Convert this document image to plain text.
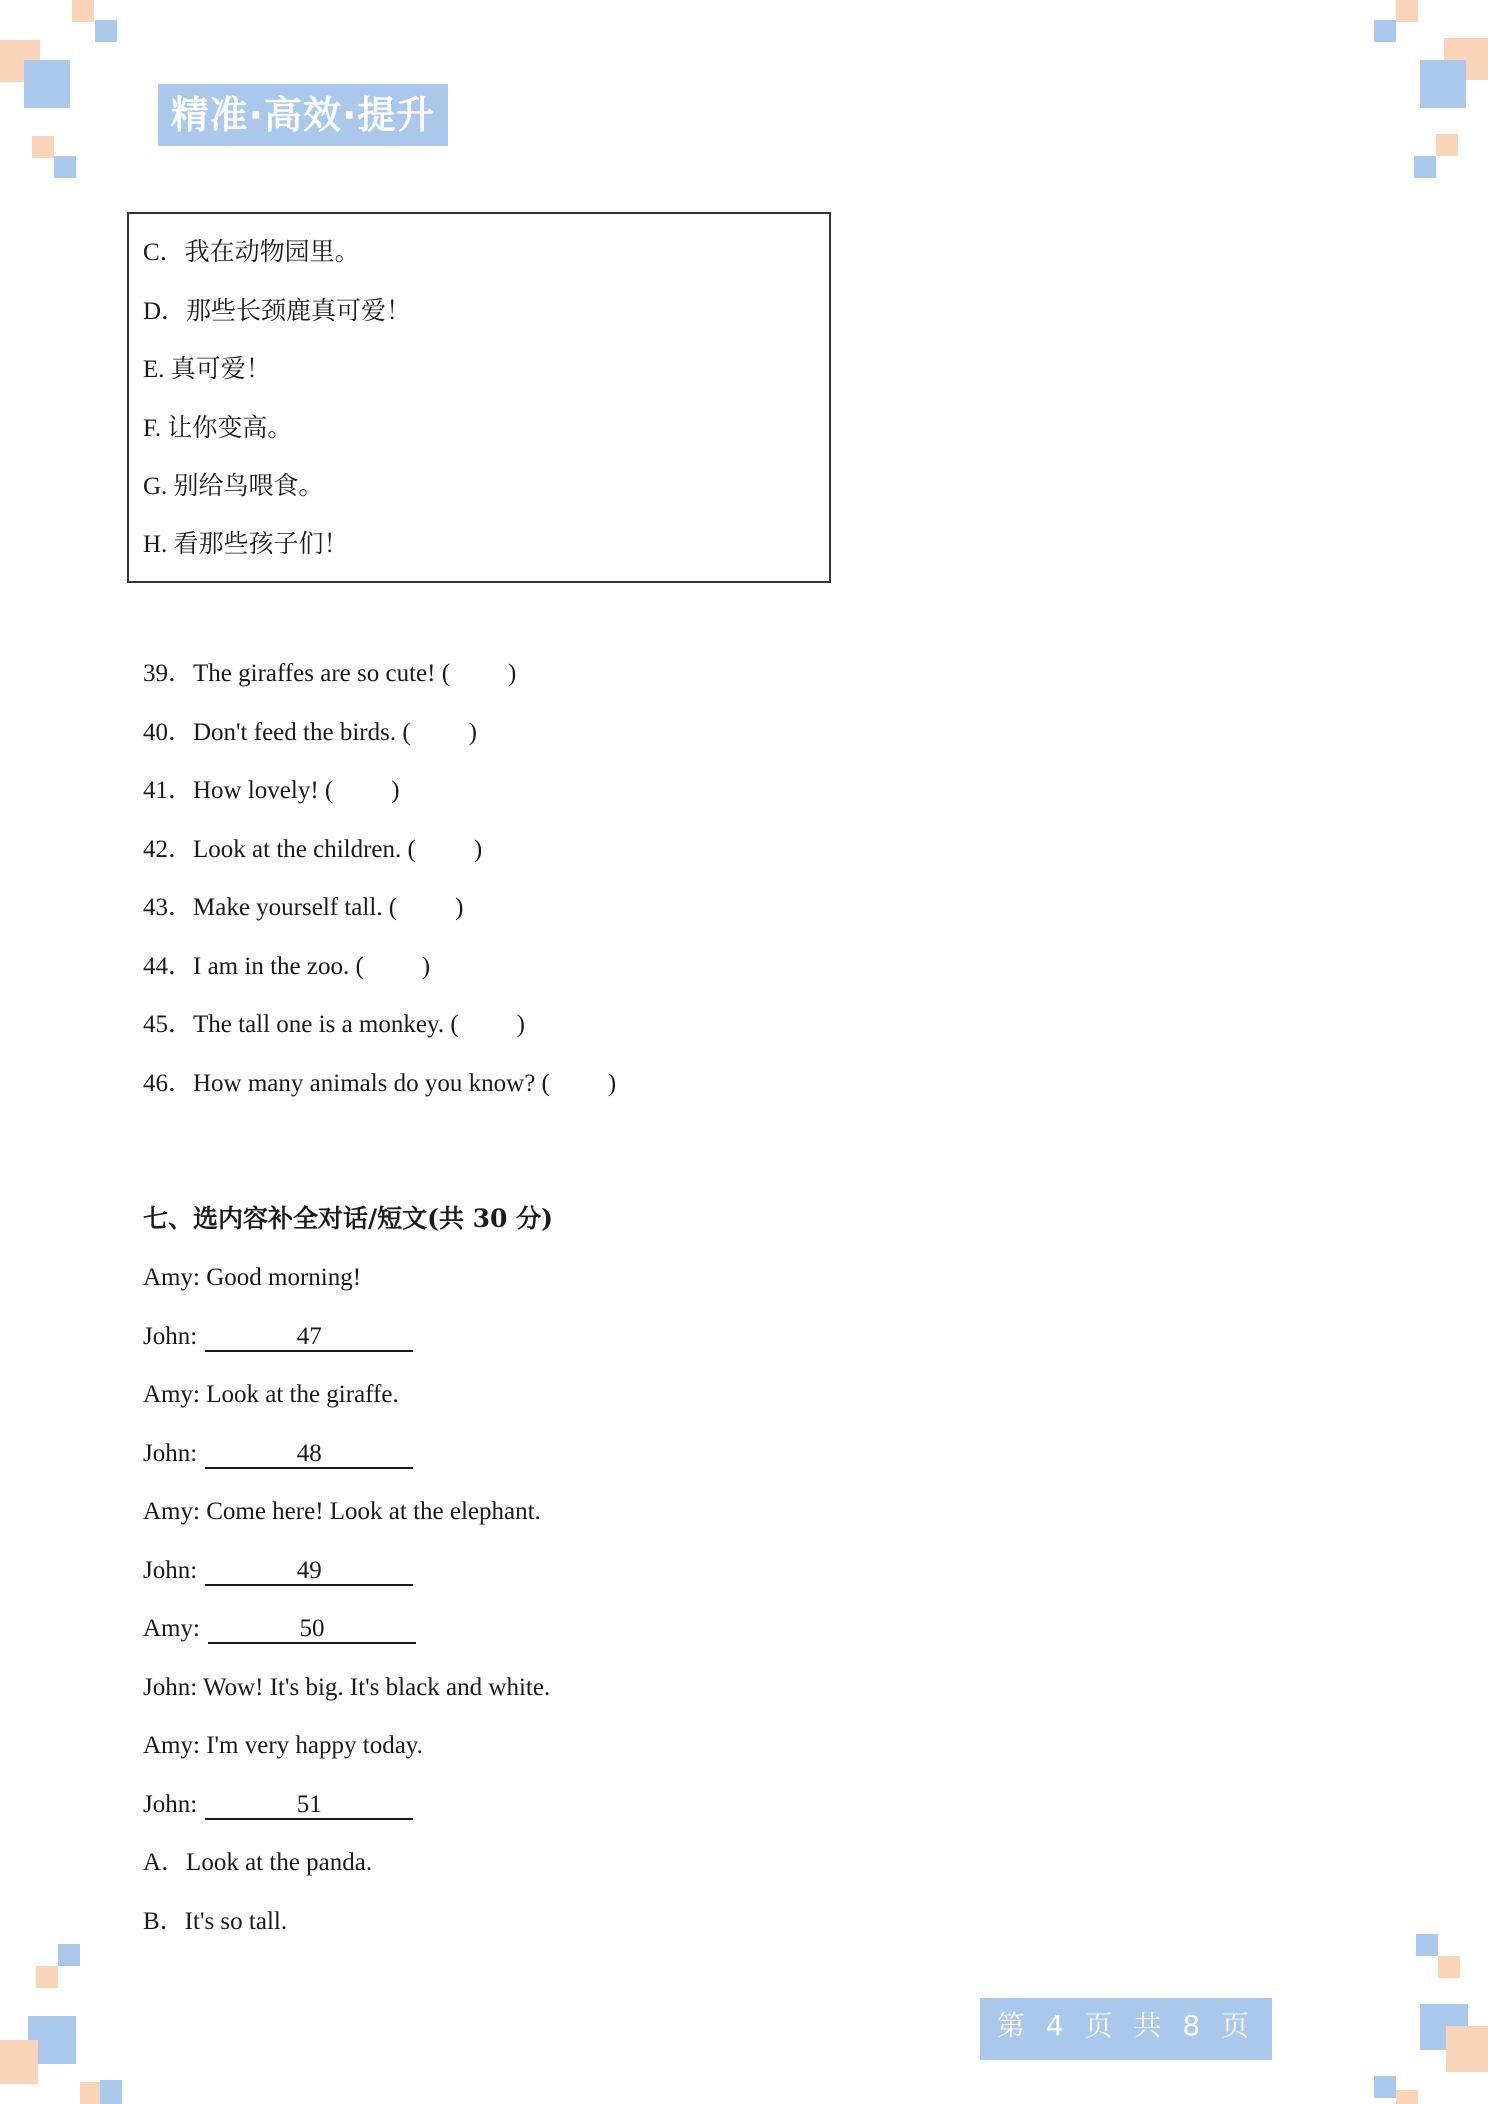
精准·高效·提升
C．我在动物园里。
D．那些长颈鹿真可爱！
E. 真可爱！
F. 让你变高。
G. 别给鸟喂食。
H. 看那些孩子们！
39．The giraffes are so cute! ( )
40．Don't feed the birds. ( )
41．How lovely! ( )
42．Look at the children. ( )
43．Make yourself tall. ( )
44．I am in the zoo. ( )
45．The tall one is a monkey. ( )
46．How many animals do you know? ( )
七、选内容补全对话/短文(共 30 分)
Amy: Good morning!
John:	47
Amy: Look at the giraffe.
John:	48
Amy: Come here! Look at the elephant.
John:	49
Amy:	50
John: Wow! It's big. It's black and white.
Amy: I'm very happy today.
John:	51
A．Look at the panda.
B．It's so tall.
第 4 页 共 8 页
